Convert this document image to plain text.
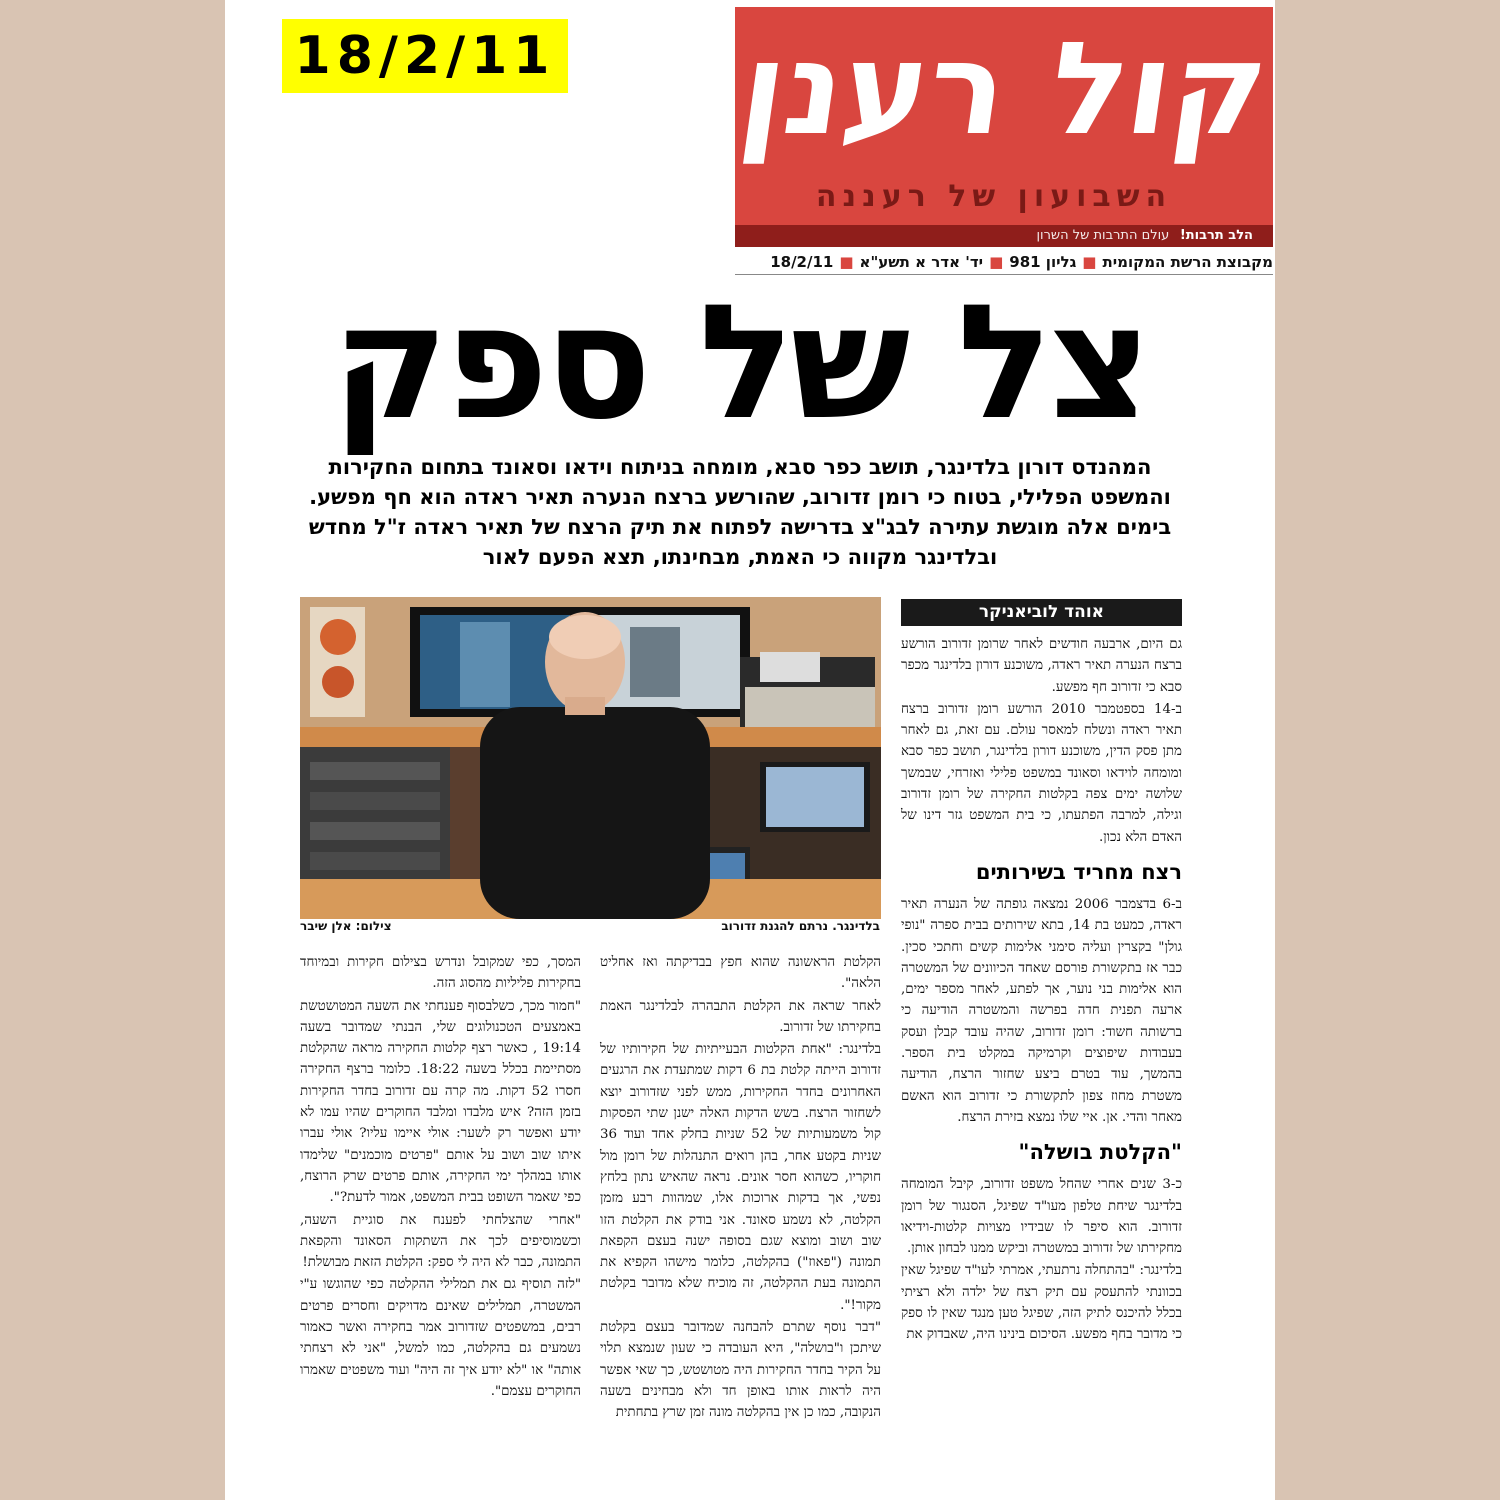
18/2/11 קול רענן
השבועון של רעננה
הלב תרבות! עולם התרבות של השרון
מקבוצת הרשת המקומית■גליון 981■יד' אדר א תשע"א■18/2/11
צל של ספק
המהנדס דורון בלדינגר, תושב כפר סבא, מומחה בניתוח וידאו וסאונד בתחום החקירות והמשפט הפלילי, בטוח כי רומן זדורוב, שהורשע ברצח הנערה תאיר ראדה הוא חף מפשע. בימים אלה מוגשת עתירה לבג"צ בדרישה לפתוח את תיק הרצח של תאיר ראדה ז"ל מחדש ובלדינגר מקווה כי האמת, מבחינתו, תצא הפעם לאור
בלדינגר. נרתם להגנת זדורוב
צילום: אלן שיבר
אוהד לוביאניקר

גם היום, ארבעה חודשים לאחר שרומן זדורוב הורשע ברצח הנערה תאיר ראדה, משוכנע דורון בלדינגר מכפר סבא כי זדורוב חף מפשע.

ב-14 בספטמבר 2010 הורשע רומן זדורוב ברצח תאיר ראדה ונשלח למאסר עולם. עם זאת, גם לאחר מתן פסק הדין, משוכנע דורון בלדינגר, תושב כפר סבא ומומחה לוידאו וסאונד במשפט פלילי ואזרחי, שבמשך שלושה ימים צפה בקלטות החקירה של רומן זדורוב וגילה, למרבה הפתעתו, כי בית המשפט גזר דינו של האדם הלא נכון.

רצח מחריד בשירותים

ב-6 בדצמבר 2006 נמצאה גופתה של הנערה תאיר ראדה, כמעט בת 14, בתא שירותים בבית ספרה "נופי גולן" בקצרין ועליה סימני אלימות קשים וחתכי סכין. כבר אז בתקשורת פורסם שאחד הכיוונים של המשטרה הוא אלימות בני נוער, אך לפתע, לאחר מספר ימים, ארעה תפנית חדה בפרשה והמשטרה הודיעה כי ברשותה חשוד: רומן זדורוב, שהיה עובד קבלן ועסק בעבודות שיפוצים וקרמיקה במקלט בית הספר. בהמשך, עוד בטרם ביצע שחזור הרצח, הודיעה משטרת מחוז צפון לתקשורת כי זדורוב הוא האשם מאחר והדי. אן. איי שלו נמצא בזירת הרצח.

"הקלטת בושלה"

כ-3 שנים אחרי שהחל משפט זדורוב, קיבל המומחה בלדינגר שיחת טלפון מעו"ד שפיגל, הסנגור של רומן זדורוב. הוא סיפר לו שבידיו מצויות קלטות-וידיאו מחקירתו של זדורוב במשטרה וביקש ממנו לבחון אותן.

בלדינגר: "בהתחלה נרתעתי, אמרתי לעו"ד שפיגל שאין בכוונתי להתעסק עם תיק רצח של ילדה ולא רציתי בכלל להיכנס לתיק הזה, שפיגל טען מנגד שאין לו ספק כי מדובר בחף מפשע. הסיכום בינינו היה, שאבדוק את

הקלטת הראשונה שהוא חפץ בבדיקתה ואז אחליט הלאה".

לאחר שראה את הקלטת התבהרה לבלדינגר האמת בחקירתו של זדורוב.

בלדינגר: "אחת הקלטות הבעייתיות של חקירותיו של זדורוב הייתה קלטת בת 6 דקות שמתעדת את הרגעים האחרונים בחדר החקירות, ממש לפני שזדורוב יוצא לשחזור הרצח. בשש הדקות האלה ישנן שתי הפסקות קול משמעותיות של 52 שניות בחלק אחד ועוד 36 שניות בקטע אחר, בהן רואים התנהלות של רומן מול חוקריו, כשהוא חסר אונים. נראה שהאיש נתון בלחץ נפשי, אך בדקות ארוכות אלו, שמהוות רבע מזמן הקלטה, לא נשמע סאונד. אני בודק את הקלטת הזו שוב ושוב ומוצא שגם בסופה ישנה בעצם הקפאת תמונה ("פאוז") בהקלטה, כלומר מישהו הקפיא את התמונה בעת ההקלטה, זה מוכיח שלא מדובר בקלטת מקור!".

"דבר נוסף שתרם להבחנה שמדובר בעצם בקלטת שיתכן ו"בושלה", היא העובדה כי שעון שנמצא תלוי על הקיר בחדר החקירות היה מטושטש, כך שאי אפשר היה לראות אותו באופן חד ולא מבחינים בשעה הנקובה, כמו כן אין בהקלטה מונה זמן שרץ בתחתית

המסך, כפי שמקובל ונדרש בצילום חקירות ובמיוחד בחקירות פליליות מהסוג הזה.

"חמור מכך, כשלבסוף פענחתי את השעה המטושטשת באמצעים הטכנולוגים שלי, הבנתי שמדובר בשעה 19:14 , כאשר רצף קלטות החקירה מראה שהקלטת מסתיימת בכלל בשעה 18:22. כלומר ברצף החקירה חסרו 52 דקות. מה קרה עם זדורוב בחדר החקירות בזמן הזה? איש מלבדו ומלבד החוקרים שהיו עמו לא יודע ואפשר רק לשער: אולי איימו עליו? אולי עברו איתו שוב ושוב על אותם "פרטים מוכמנים" שלימדו אותו במהלך ימי החקירה, אותם פרטים שרק הרוצח, כפי שאמר השופט בבית המשפט, אמור לדעת?".

"אחרי שהצלחתי לפענח את סוגיית השעה, וכשמוסיפים לכך את השתקות הסאונד והקפאת התמונה, כבר לא היה לי ספק: הקלטת הזאת מבושלת!

"לזה תוסיף גם את תמלילי ההקלטה כפי שהוגשו ע"י המשטרה, תמלילים שאינם מדויקים וחסרים פרטים רבים, במשפטים שזדורוב אמר בחקירה ואשר כאמור נשמעים גם בהקלטה, כמו למשל, "אני לא רצחתי אותה" או "לא יודע איך זה היה" ועוד משפטים שאמרו החוקרים עצמם".
